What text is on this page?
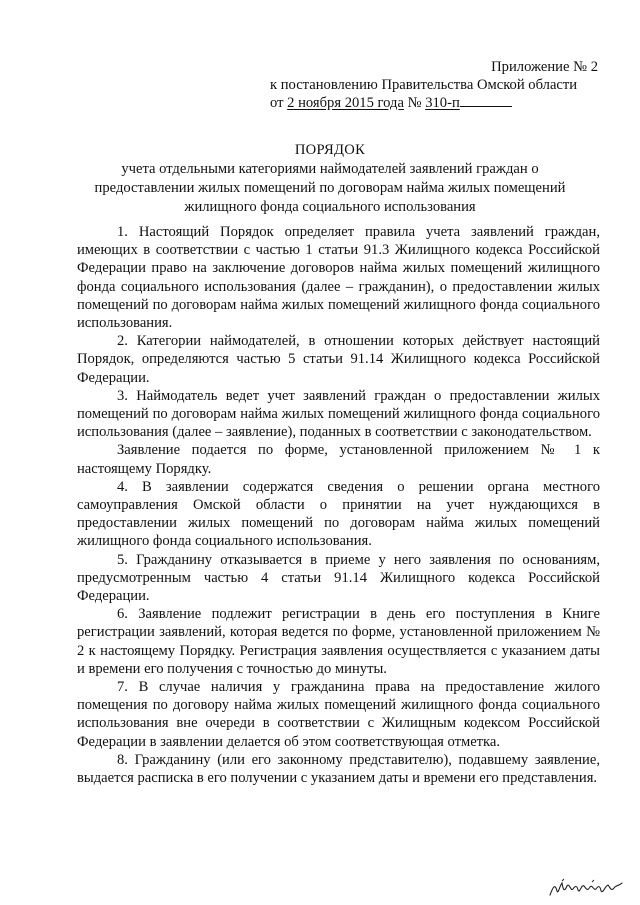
Приложение № 2
к постановлению Правительства Омской области
от 2 ноября 2015 года № 310-п
ПОРЯДОК
учета отдельными категориями наймодателей заявлений граждан о
предоставлении жилых помещений по договорам найма жилых помещений
жилищного фонда социального использования

1. Настоящий Порядок определяет правила учета заявлений граждан, имеющих в соответствии с частью 1 статьи 91.3 Жилищного кодекса Российской Федерации право на заключение договоров найма жилых помещений жилищного фонда социального использования (далее – гражданин), о предоставлении жилых помещений по договорам найма жилых помещений жилищного фонда социального использования.

2. Категории наймодателей, в отношении которых действует настоящий Порядок, определяются частью 5 статьи 91.14 Жилищного кодекса Российской Федерации.

3. Наймодатель ведет учет заявлений граждан о предоставлении жилых помещений по договорам найма жилых помещений жилищного фонда социального использования (далее – заявление), поданных в соответствии с законодательством.

Заявление подается по форме, установленной приложением № 1 к настоящему Порядку.

4. В заявлении содержатся сведения о решении органа местного самоуправления Омской области о принятии на учет нуждающихся в предоставлении жилых помещений по договорам найма жилых помещений жилищного фонда социального использования.

5. Гражданину отказывается в приеме у него заявления по основаниям, предусмотренным частью 4 статьи 91.14 Жилищного кодекса Российской Федерации.

6. Заявление подлежит регистрации в день его поступления в Книге регистрации заявлений, которая ведется по форме, установленной приложением № 2 к настоящему Порядку. Регистрация заявления осуществляется с указанием даты и времени его получения с точностью до минуты.

7. В случае наличия у гражданина права на предоставление жилого помещения по договору найма жилых помещений жилищного фонда социального использования вне очереди в соответствии с Жилищным кодексом Российской Федерации в заявлении делается об этом соответствующая отметка.

8. Гражданину (или его законному представителю), подавшему заявление, выдается расписка в его получении с указанием даты и времени его представления.
